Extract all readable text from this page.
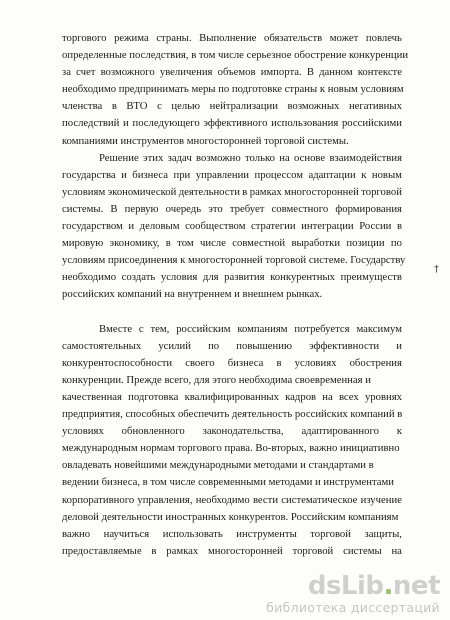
торгового режима страны. Выполнение обязательств может повлечь
определенные последствия, в том числе серьезное обострение конкуренции
за счет возможного увеличения объемов импорта. В данном контексте
необходимо предпринимать меры по подготовке страны к новым условиям
членства в ВТО с целью нейтрализации возможных негативных
последствий и последующего эффективного использования российскими
компаниями инструментов многосторонней торговой системы.
Решение этих задач возможно только на основе взаимодействия
государства и бизнеса при управлении процессом адаптации к новым
условиям экономической деятельности в рамках многосторонней торговой
системы. В первую очередь это требует совместного формирования
государством и деловым сообществом стратегии интеграции России в
мировую экономику, в том числе совместной выработки позиции по
условиям присоединения к многосторонней торговой системе. Государству
необходимо создать условия для развития конкурентных преимуществ
российских компаний на внутреннем и внешнем рынках.
Вместе с тем, российским компаниям потребуется максимум
самостоятельных усилий по повышению эффективности и
конкурентоспособности своего бизнеса в условиях обострения
конкуренции. Прежде всего, для этого необходима своевременная и
качественная подготовка квалифицированных кадров на всех уровнях
предприятия, способных обеспечить деятельность российских компаний в
условиях обновленного законодательства, адаптированного к
международным нормам торгового права. Во-вторых, важно инициативно
овладевать новейшими международными методами и стандартами в
ведении бизнеса, в том числе современными методами и инструментами
корпоративного управления, необходимо вести систематическое изучение
деловой деятельности иностранных конкурентов. Российским компаниям
важно научиться использовать инструменты торговой защиты,
предоставляемые в рамках многосторонней торговой системы на
†
dsLib.net
библиотека диссертаций
